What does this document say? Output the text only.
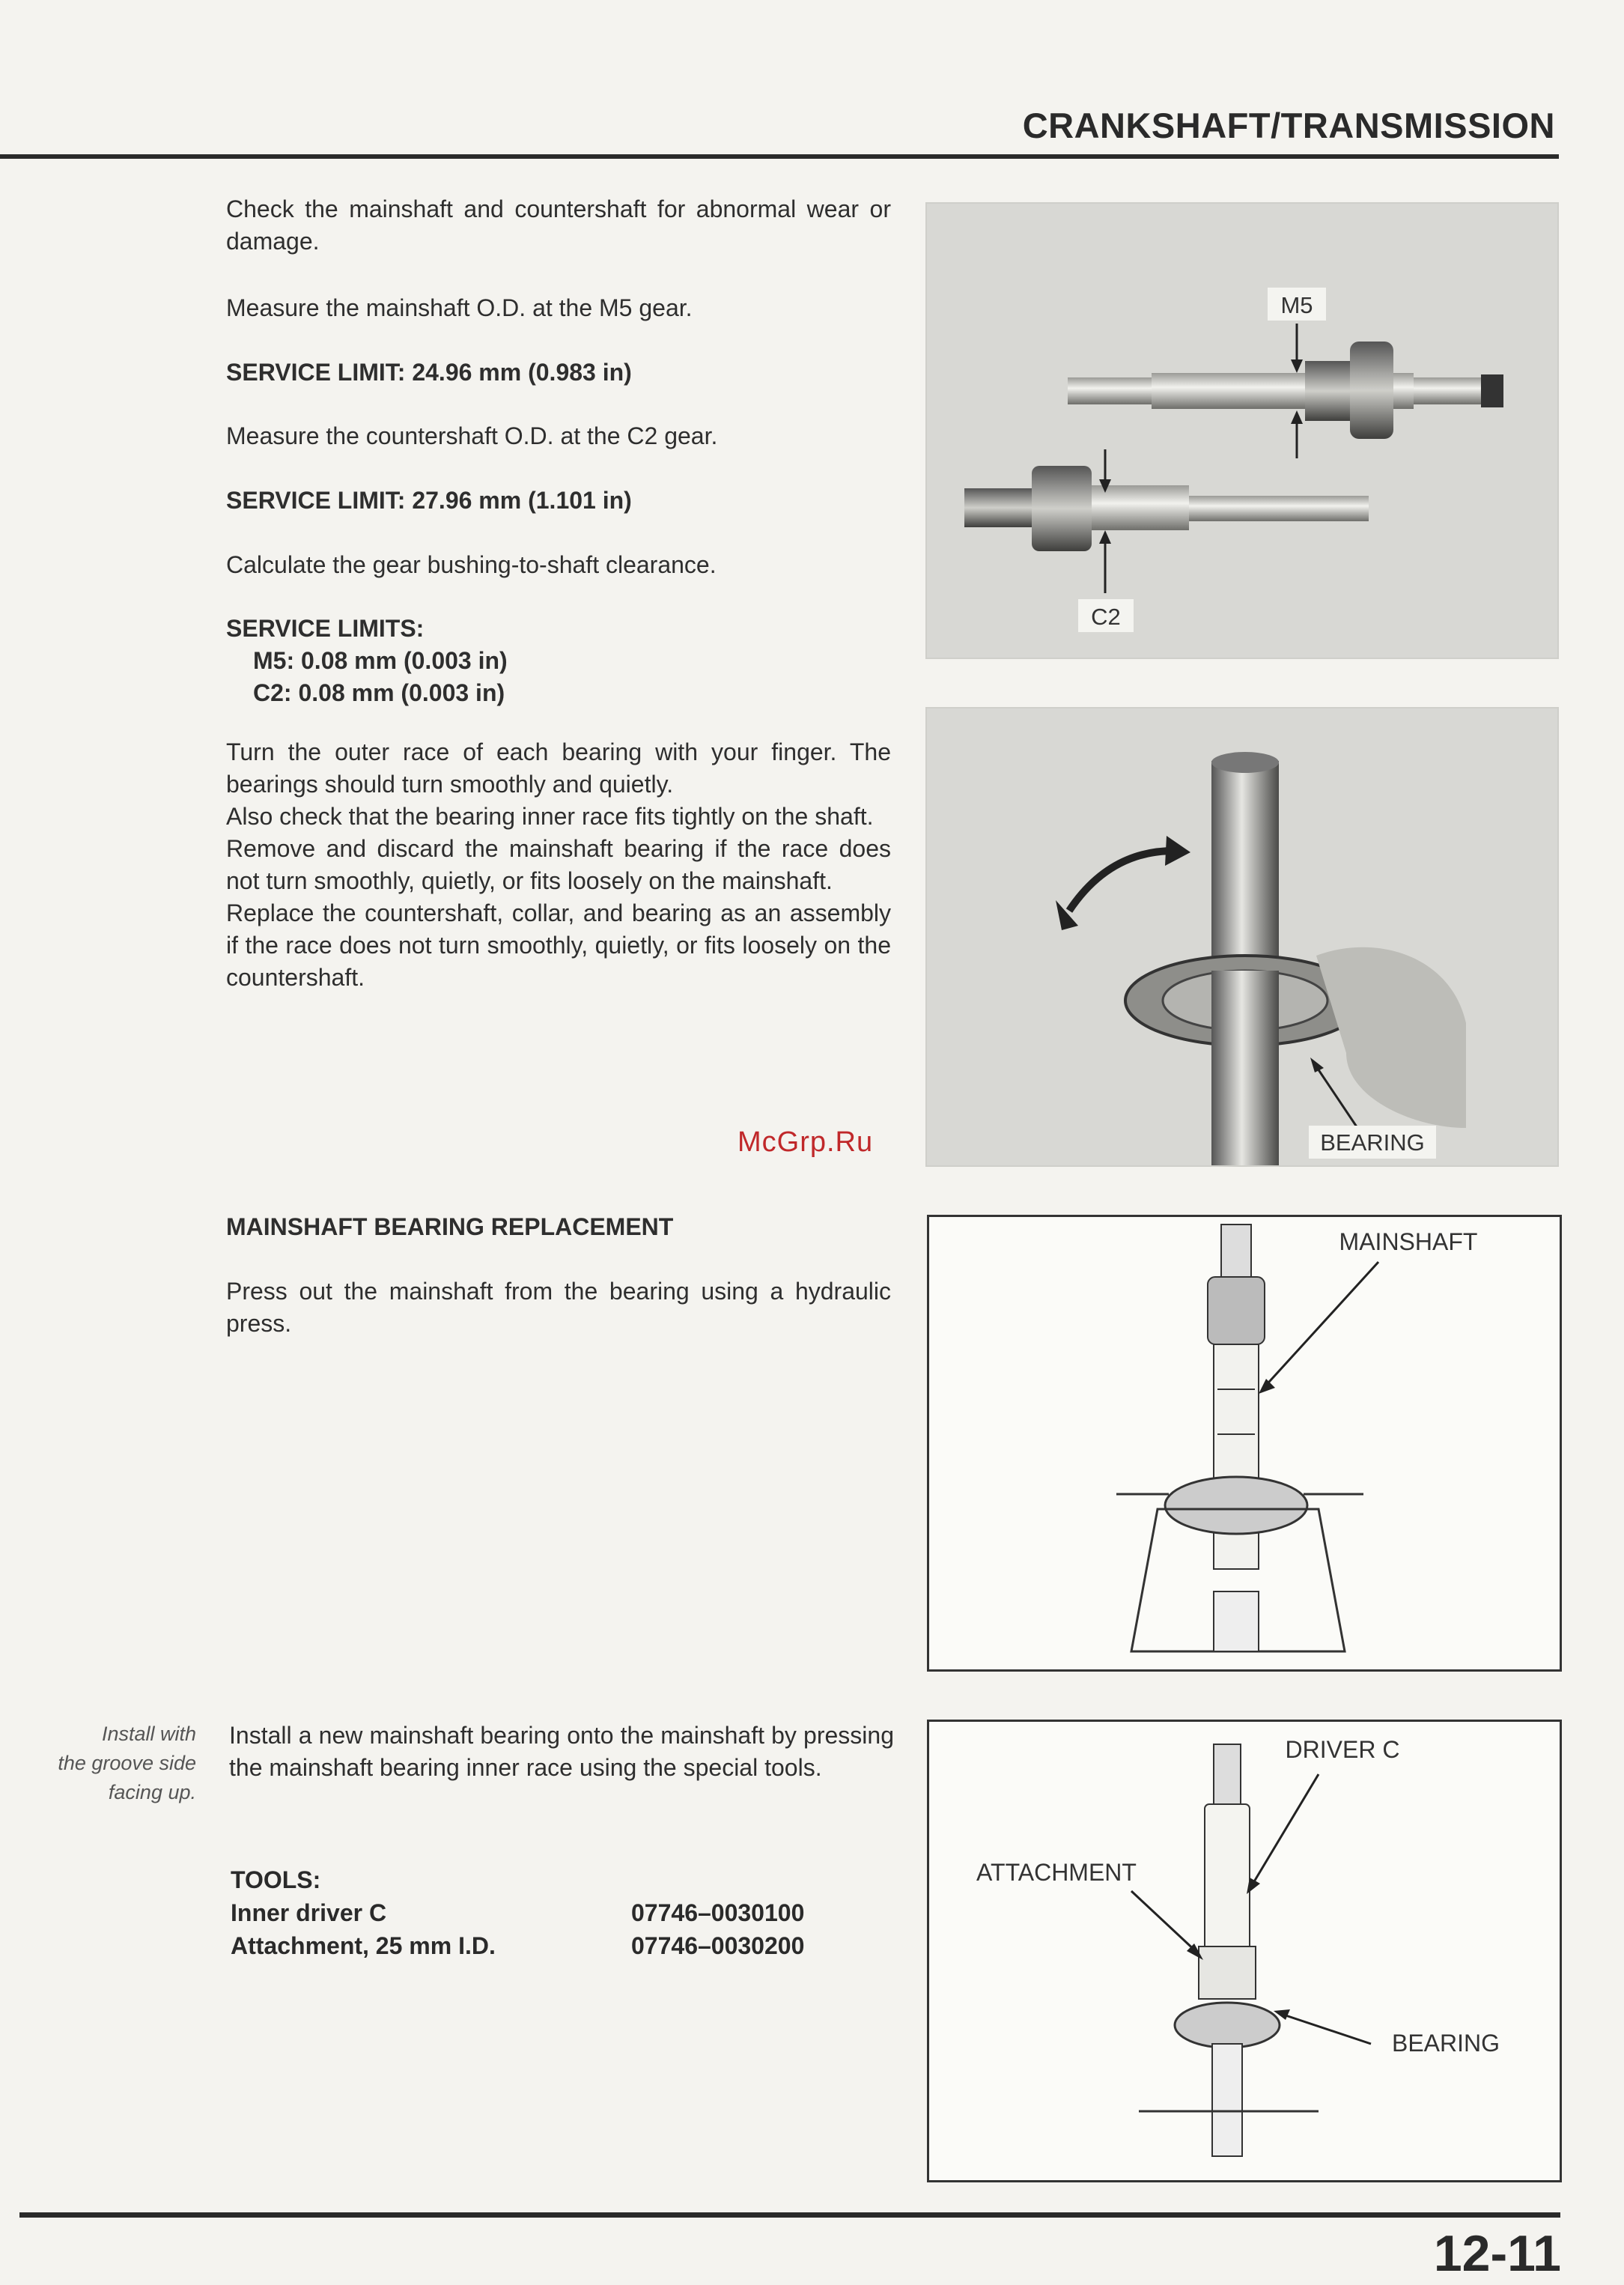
CRANKSHAFT/TRANSMISSION
Check the mainshaft and countershaft for abnormal wear or damage.
Measure the mainshaft O.D. at the M5 gear.
SERVICE LIMIT: 24.96 mm (0.983 in)
Measure the countershaft O.D. at the C2 gear.
SERVICE LIMIT: 27.96 mm (1.101 in)
Calculate the gear bushing-to-shaft clearance.
SERVICE LIMITS:
M5: 0.08 mm (0.003 in)
C2: 0.08 mm (0.003 in)
Turn the outer race of each bearing with your finger. The bearings should turn smoothly and quietly.
Also check that the bearing inner race fits tightly on the shaft.
Remove and discard the mainshaft bearing if the race does not turn smoothly, quietly, or fits loosely on the mainshaft.
Replace the countershaft, collar, and bearing as an assembly if the race does not turn smoothly, quietly, or fits loosely on the countershaft.
McGrp.Ru
MAINSHAFT BEARING REPLACEMENT
Press out the mainshaft from the bearing using a hydraulic press.
Install with
the groove side
facing up.
Install a new mainshaft bearing onto the mainshaft by pressing the mainshaft bearing inner race using the special tools.
TOOLS:
Inner driver C	07746–0030100
Attachment, 25 mm I.D.	07746–0030200
M5
C2
BEARING
MAINSHAFT
DRIVER C
ATTACHMENT
BEARING
12-11
